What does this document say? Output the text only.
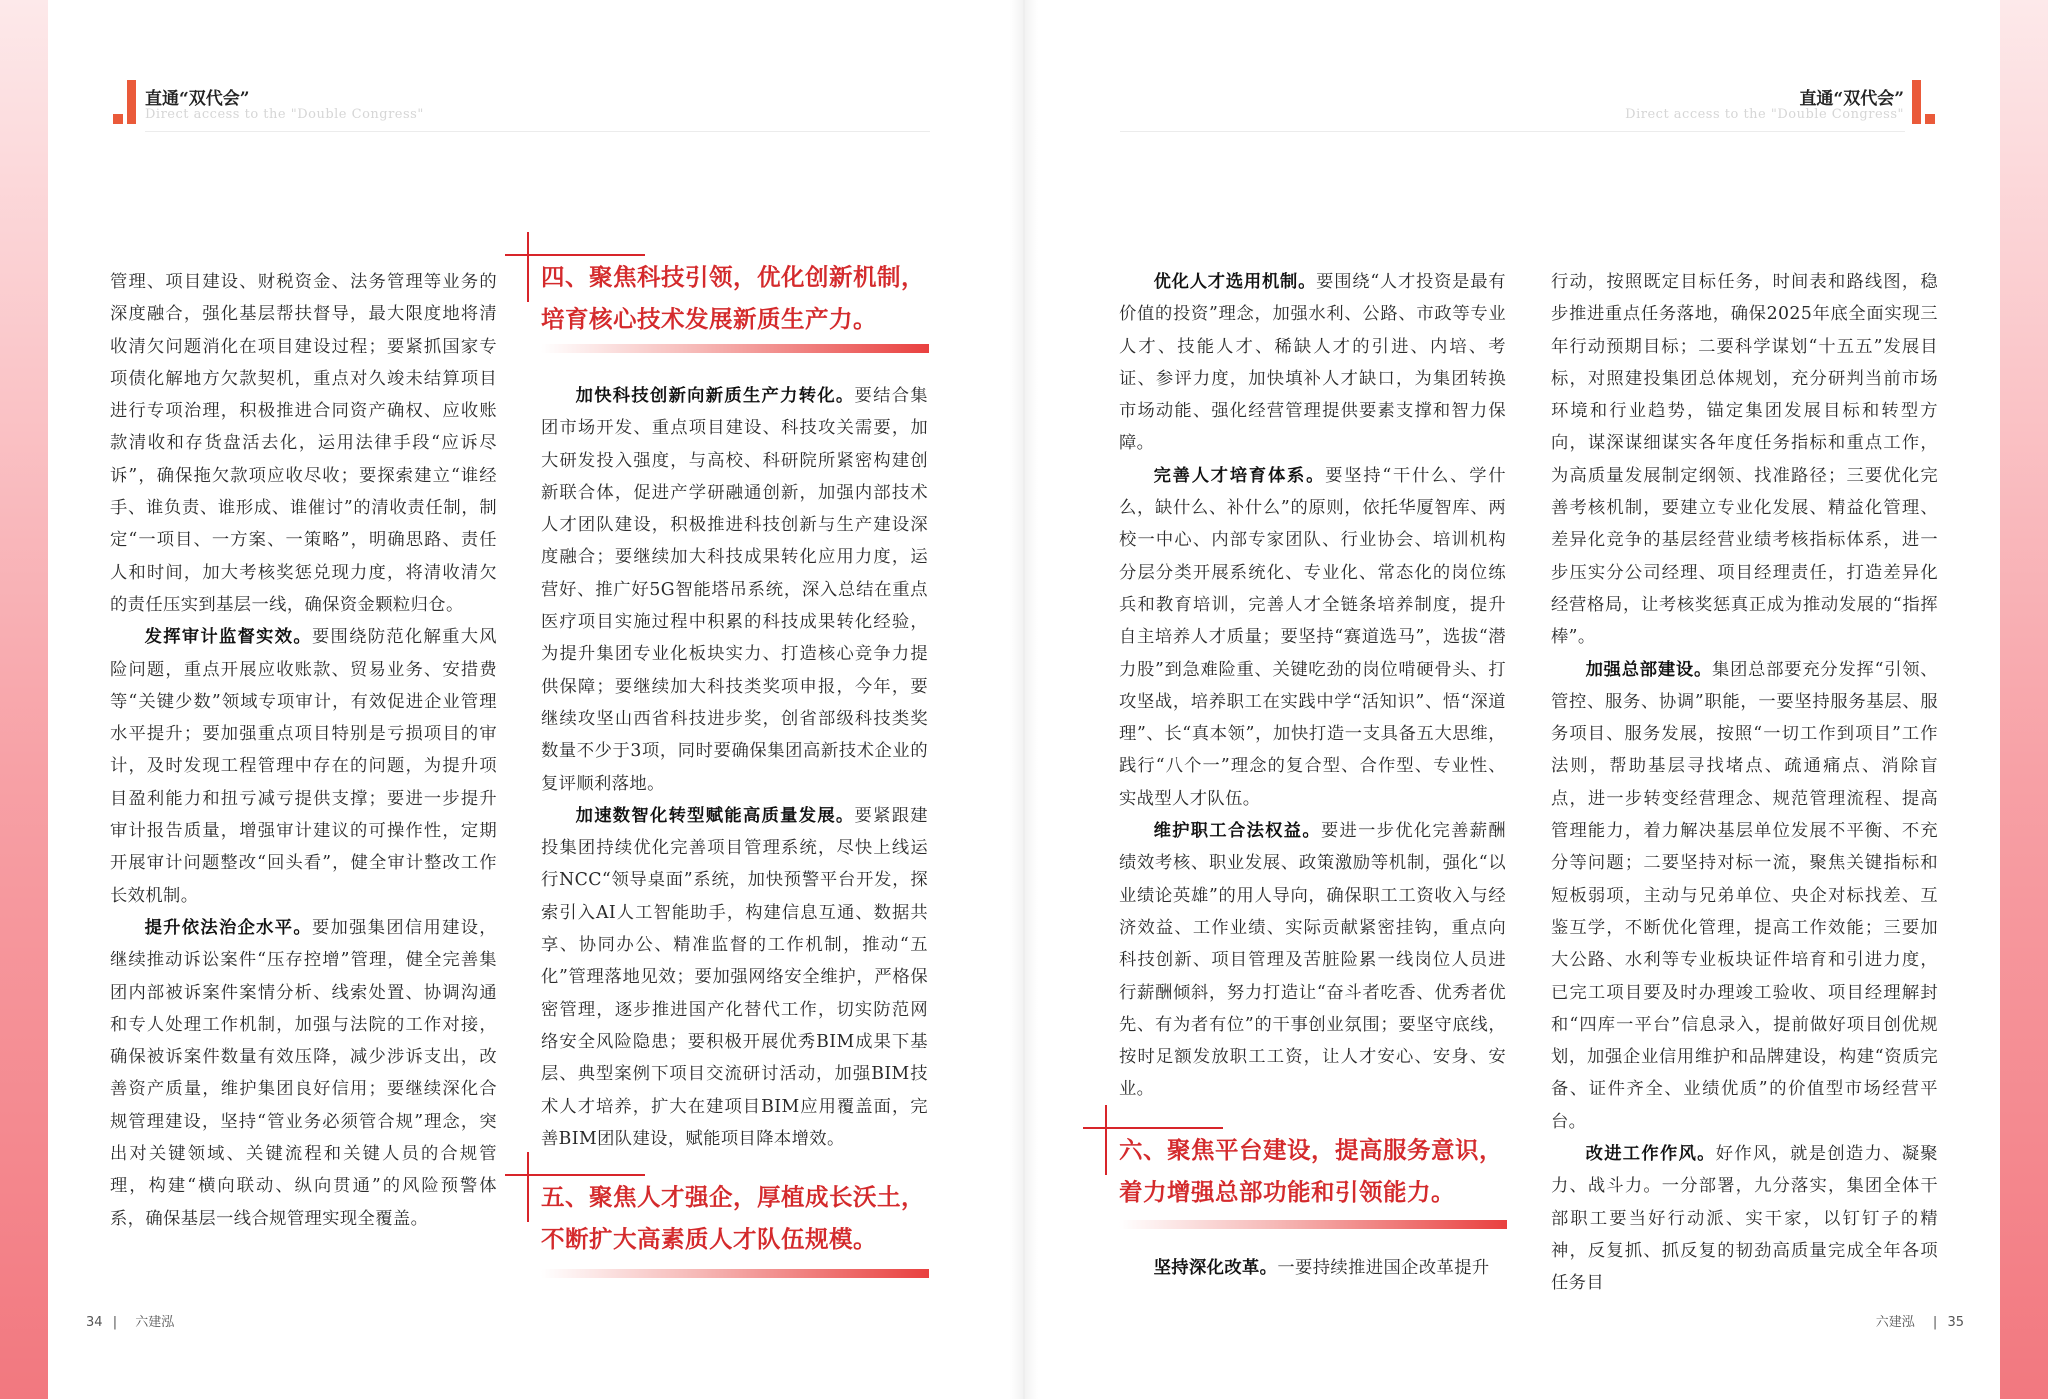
直通“双代会”
Direct access to the "Double Congress"
直通“双代会”
Direct access to the "Double Congress"

管理、项目建设、财税资金、法务管理等业务的深度融合，强化基层帮扶督导，最大限度地将清收清欠问题消化在项目建设过程；要紧抓国家专项债化解地方欠款契机，重点对久竣未结算项目进行专项治理，积极推进合同资产确权、应收账款清收和存货盘活去化，运用法律手段“应诉尽诉”，确保拖欠款项应收尽收；要探索建立“谁经手、谁负责、谁形成、谁催讨”的清收责任制，制定“一项目、一方案、一策略”，明确思路、责任人和时间，加大考核奖惩兑现力度，将清收清欠的责任压实到基层一线，确保资金颗粒归仓。

发挥审计监督实效。要围绕防范化解重大风险问题，重点开展应收账款、贸易业务、安措费等“关键少数”领域专项审计，有效促进企业管理水平提升；要加强重点项目特别是亏损项目的审计，及时发现工程管理中存在的问题，为提升项目盈利能力和扭亏减亏提供支撑；要进一步提升审计报告质量，增强审计建议的可操作性，定期开展审计问题整改“回头看”，健全审计整改工作长效机制。

提升依法治企水平。要加强集团信用建设，继续推动诉讼案件“压存控增”管理，健全完善集团内部被诉案件案情分析、线索处置、协调沟通和专人处理工作机制，加强与法院的工作对接，确保被诉案件数量有效压降，减少涉诉支出，改善资产质量，维护集团良好信用；要继续深化合规管理建设，坚持“管业务必须管合规”理念，突出对关键领域、关键流程和关键人员的合规管理，构建“横向联动、纵向贯通”的风险预警体系，确保基层一线合规管理实现全覆盖。

四、聚焦科技引领，优化创新机制，培育核心技术发展新质生产力。

加快科技创新向新质生产力转化。要结合集团市场开发、重点项目建设、科技攻关需要，加大研发投入强度，与高校、科研院所紧密构建创新联合体，促进产学研融通创新，加强内部技术人才团队建设，积极推进科技创新与生产建设深度融合；要继续加大科技成果转化应用力度，运营好、推广好5G智能塔吊系统，深入总结在重点医疗项目实施过程中积累的科技成果转化经验，为提升集团专业化板块实力、打造核心竞争力提供保障；要继续加大科技类奖项申报，今年，要继续攻坚山西省科技进步奖，创省部级科技类奖数量不少于3项，同时要确保集团高新技术企业的复评顺利落地。

加速数智化转型赋能高质量发展。要紧跟建投集团持续优化完善项目管理系统，尽快上线运行NCC“领导桌面”系统，加快预警平台开发，探索引入AI人工智能助手，构建信息互通、数据共享、协同办公、精准监督的工作机制，推动“五化”管理落地见效；要加强网络安全维护，严格保密管理，逐步推进国产化替代工作，切实防范网络安全风险隐患；要积极开展优秀BIM成果下基层、典型案例下项目交流研讨活动，加强BIM技术人才培养，扩大在建项目BIM应用覆盖面，完善BIM团队建设，赋能项目降本增效。

五、聚焦人才强企，厚植成长沃土，不断扩大高素质人才队伍规模。

优化人才选用机制。要围绕“人才投资是最有价值的投资”理念，加强水利、公路、市政等专业人才、技能人才、稀缺人才的引进、内培、考证、参评力度，加快填补人才缺口，为集团转换市场动能、强化经营管理提供要素支撑和智力保障。

完善人才培育体系。要坚持“干什么、学什么，缺什么、补什么”的原则，依托华厦智库、两校一中心、内部专家团队、行业协会、培训机构分层分类开展系统化、专业化、常态化的岗位练兵和教育培训，完善人才全链条培养制度，提升自主培养人才质量；要坚持“赛道选马”，选拔“潜力股”到急难险重、关键吃劲的岗位啃硬骨头、打攻坚战，培养职工在实践中学“活知识”、悟“深道理”、长“真本领”，加快打造一支具备五大思维，践行“八个一”理念的复合型、合作型、专业性、实战型人才队伍。

维护职工合法权益。要进一步优化完善薪酬绩效考核、职业发展、政策激励等机制，强化“以业绩论英雄”的用人导向，确保职工工资收入与经济效益、工作业绩、实际贡献紧密挂钩，重点向科技创新、项目管理及苦脏险累一线岗位人员进行薪酬倾斜，努力打造让“奋斗者吃香、优秀者优先、有为者有位”的干事创业氛围；要坚守底线，按时足额发放职工工资，让人才安心、安身、安业。

六、聚焦平台建设，提高服务意识，着力增强总部功能和引领能力。

坚持深化改革。一要持续推进国企改革提升

行动，按照既定目标任务，时间表和路线图，稳步推进重点任务落地，确保2025年底全面实现三年行动预期目标；二要科学谋划“十五五”发展目标，对照建投集团总体规划，充分研判当前市场环境和行业趋势，锚定集团发展目标和转型方向，谋深谋细谋实各年度任务指标和重点工作，为高质量发展制定纲领、找准路径；三要优化完善考核机制，要建立专业化发展、精益化管理、差异化竞争的基层经营业绩考核指标体系，进一步压实分公司经理、项目经理责任，打造差异化经营格局，让考核奖惩真正成为推动发展的“指挥棒”。

加强总部建设。集团总部要充分发挥“引领、管控、服务、协调”职能，一要坚持服务基层、服务项目、服务发展，按照“一切工作到项目”工作法则，帮助基层寻找堵点、疏通痛点、消除盲点，进一步转变经营理念、规范管理流程、提高管理能力，着力解决基层单位发展不平衡、不充分等问题；二要坚持对标一流，聚焦关键指标和短板弱项，主动与兄弟单位、央企对标找差、互鉴互学，不断优化管理，提高工作效能；三要加大公路、水利等专业板块证件培育和引进力度，已完工项目要及时办理竣工验收、项目经理解封和“四库一平台”信息录入，提前做好项目创优规划，加强企业信用维护和品牌建设，构建“资质完备、证件齐全、业绩优质”的价值型市场经营平台。

改进工作作风。好作风，就是创造力、凝聚力、战斗力。一分部署，九分落实，集团全体干部职工要当好行动派、实干家，以钉钉子的精神，反复抓、抓反复的韧劲高质量完成全年各项任务目

34 | 六建泓	六建泓 | 35
